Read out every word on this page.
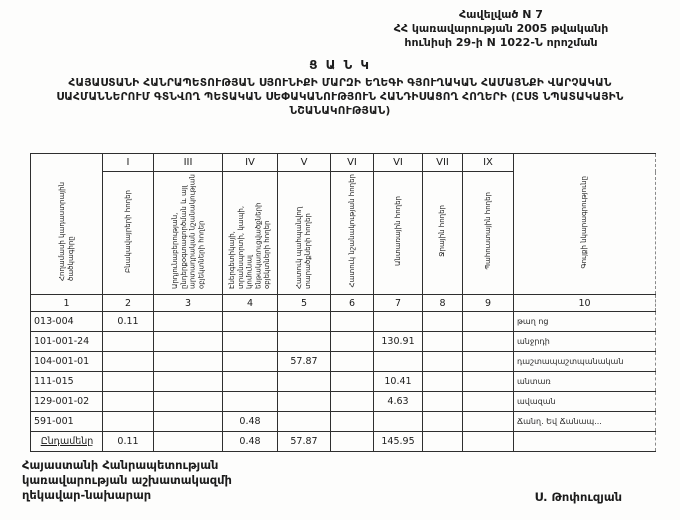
Հավելված N 7
ՀՀ կառավարության 2005 թվականի
հունիսի 29-ի N 1022-Ն որոշման
Ց Ա Ն Կ
ՀԱՅԱՍՏԱՆԻ ՀԱՆՐԱՊԵՏՈՒԹՅԱՆ ՍՅՈՒՆԻՔԻ ՄԱՐԶԻ ԵՂԵԳԻ ԳՅՈՒՂԱԿԱՆ ՀԱՄԱՅՆՔԻ ՎԱՐՉԱԿԱՆ ՍԱՀՄԱՆՆԵՐՈՒՄ ԳՏՆՎՈՂ ՊԵՏԱԿԱՆ ՍԵՓԱԿԱՆՈՒԹՅՈՒՆ ՀԱՆԴԻՍԱՑՈՂ ՀՈՂԵՐԻ (ԸՍՏ ՆՊԱՏԱԿԱՅԻՆ ՆՇԱՆԱԿՈՒԹՅԱՆ)
Հողամասի կադաստրային ծածկագիրը	I	III	IV	V	VI	VI	VII	IX	Գույքի նկարագրությունը
	Բնակավայրերի հողեր	Արդյունաբերության, ընդերքօգտագործման և այլ արտադրական նշանակության օբյեկտների հողեր	Էներգետիկայի, տրանսպորտի, կապի, կոմունալ ենթակառուցվածքների օբյեկտների հողեր	Հատուկ պահպանվող տարածքների հողեր	Հատուկ նշանակության հողեր	Անտառային հողեր	Ջրային հողեր	Պահուստային հողեր	
1	2	3	4	5	6	7	8	9	10
013-004	0.11								թաղ ոց
101-001-24						130.91			անջրդի
104-001-01				57.87					դաշտապաշտպանական
111-015						10.41			անտառ
129-001-02						4.63			ավազան
591-001			0.48						Ճանղ. Եվ Ճանապ...
Ընդամենը	0.11		0.48	57.87		145.95			
Հայաստանի Հանրապետության
կառավարության աշխատակազմի
ղեկավար-նախարար	Ս. Թոփուզյան
